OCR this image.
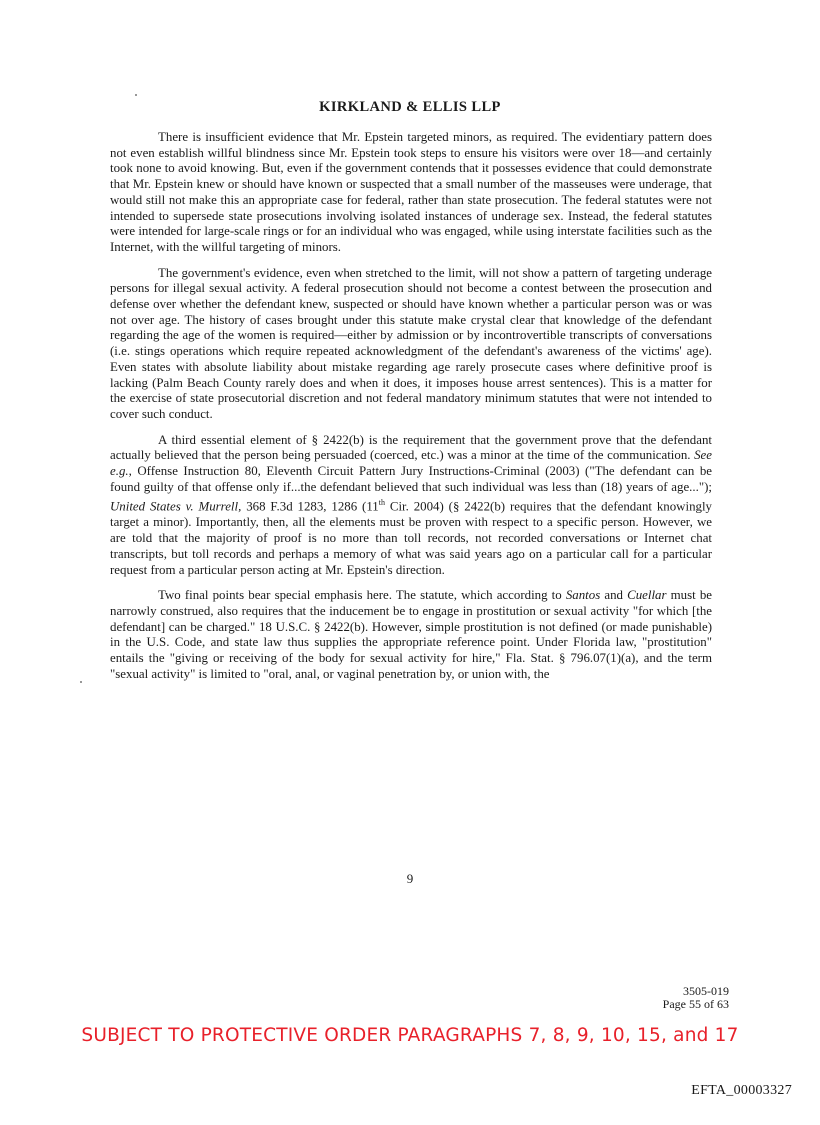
KIRKLAND & ELLIS LLP

There is insufficient evidence that Mr. Epstein targeted minors, as required. The evidentiary pattern does not even establish willful blindness since Mr. Epstein took steps to ensure his visitors were over 18—and certainly took none to avoid knowing. But, even if the government contends that it possesses evidence that could demonstrate that Mr. Epstein knew or should have known or suspected that a small number of the masseuses were underage, that would still not make this an appropriate case for federal, rather than state prosecution. The federal statutes were not intended to supersede state prosecutions involving isolated instances of underage sex. Instead, the federal statutes were intended for large-scale rings or for an individual who was engaged, while using interstate facilities such as the Internet, with the willful targeting of minors.

The government's evidence, even when stretched to the limit, will not show a pattern of targeting underage persons for illegal sexual activity. A federal prosecution should not become a contest between the prosecution and defense over whether the defendant knew, suspected or should have known whether a particular person was or was not over age. The history of cases brought under this statute make crystal clear that knowledge of the defendant regarding the age of the women is required—either by admission or by incontrovertible transcripts of conversations (i.e. stings operations which require repeated acknowledgment of the defendant's awareness of the victims' age). Even states with absolute liability about mistake regarding age rarely prosecute cases where definitive proof is lacking (Palm Beach County rarely does and when it does, it imposes house arrest sentences). This is a matter for the exercise of state prosecutorial discretion and not federal mandatory minimum statutes that were not intended to cover such conduct.

A third essential element of § 2422(b) is the requirement that the government prove that the defendant actually believed that the person being persuaded (coerced, etc.) was a minor at the time of the communication. See e.g., Offense Instruction 80, Eleventh Circuit Pattern Jury Instructions-Criminal (2003) ("The defendant can be found guilty of that offense only if...the defendant believed that such individual was less than (18) years of age..."); United States v. Murrell, 368 F.3d 1283, 1286 (11th Cir. 2004) (§ 2422(b) requires that the defendant knowingly target a minor). Importantly, then, all the elements must be proven with respect to a specific person. However, we are told that the majority of proof is no more than toll records, not recorded conversations or Internet chat transcripts, but toll records and perhaps a memory of what was said years ago on a particular call for a particular request from a particular person acting at Mr. Epstein's direction.

Two final points bear special emphasis here. The statute, which according to Santos and Cuellar must be narrowly construed, also requires that the inducement be to engage in prostitution or sexual activity "for which [the defendant] can be charged." 18 U.S.C. § 2422(b). However, simple prostitution is not defined (or made punishable) in the U.S. Code, and state law thus supplies the appropriate reference point. Under Florida law, "prostitution" entails the "giving or receiving of the body for sexual activity for hire," Fla. Stat. § 796.07(1)(a), and the term "sexual activity" is limited to "oral, anal, or vaginal penetration by, or union with, the

9
3505-019
Page 55 of 63
SUBJECT TO PROTECTIVE ORDER PARAGRAPHS 7, 8, 9, 10, 15, and 17
EFTA_00003327
